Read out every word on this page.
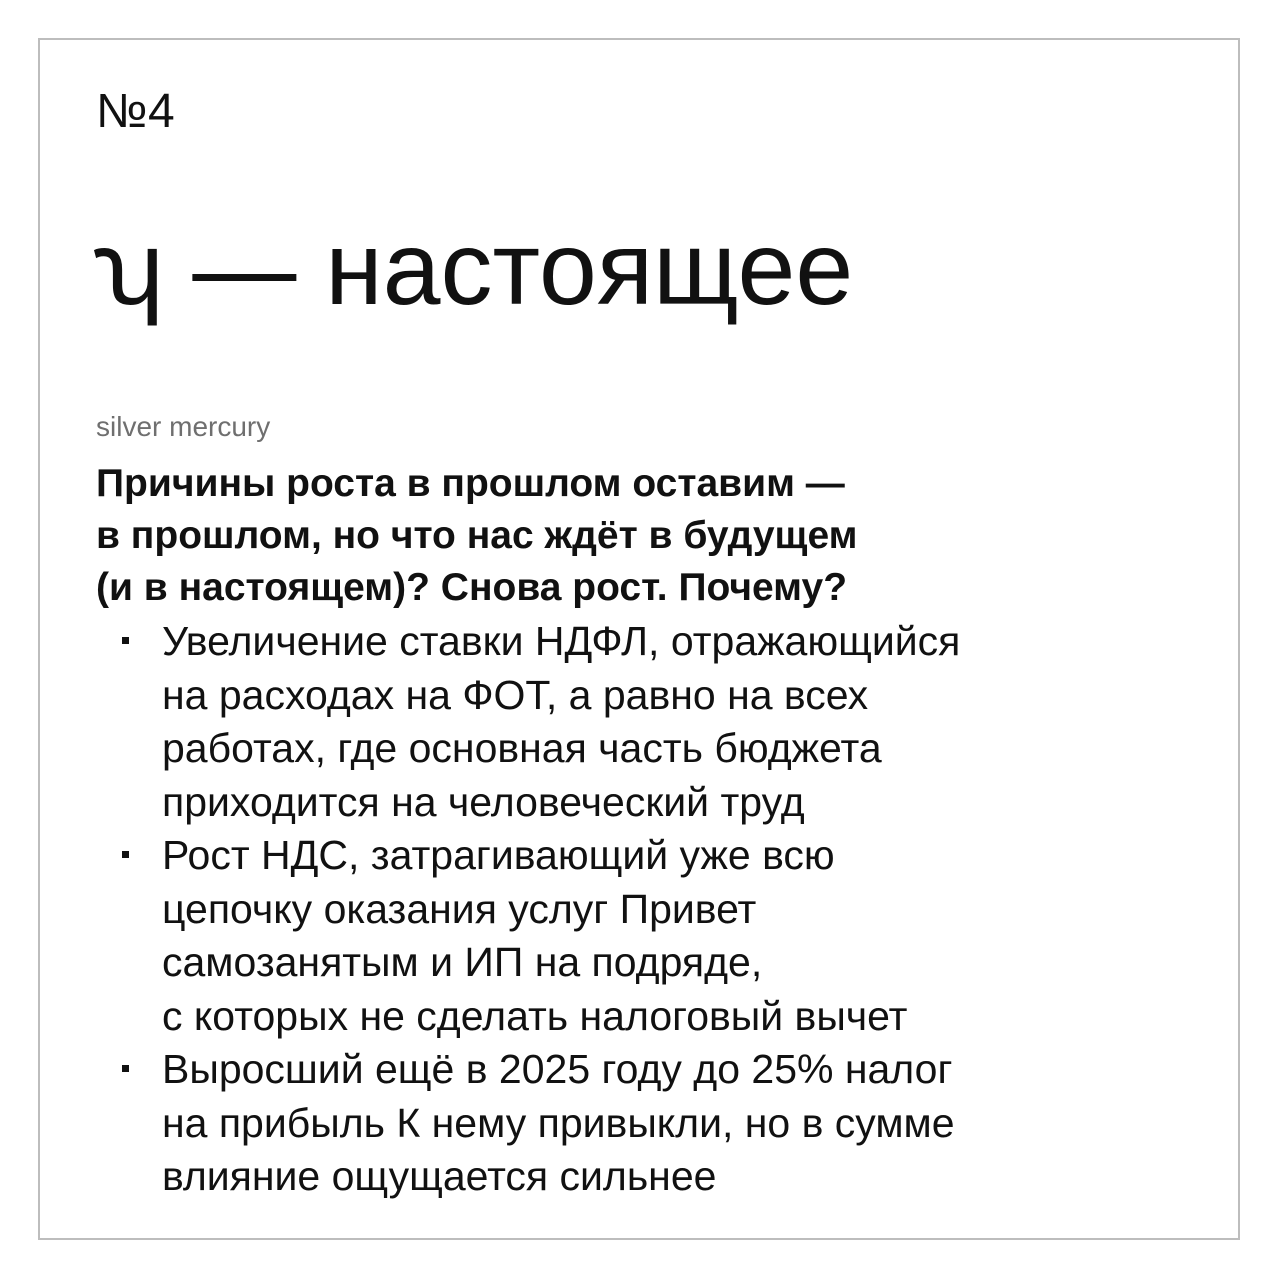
№4
ʮ — настоящее
silver mercury
Причины роста в прошлом оставим —
в прошлом, но что нас ждёт в будущем
(и в настоящем)? Снова рост. Почему?
Увеличение ставки НДФЛ, отражающийся
на расходах на ФОТ, а равно на всех
работах, где основная часть бюджета
приходится на человеческий труд
Рост НДС, затрагивающий уже всю
цепочку оказания услуг Привет
самозанятым и ИП на подряде,
с которых не сделать налоговый вычет
Выросший ещё в 2025 году до 25% налог
на прибыль К нему привыкли, но в сумме
влияние ощущается сильнее
